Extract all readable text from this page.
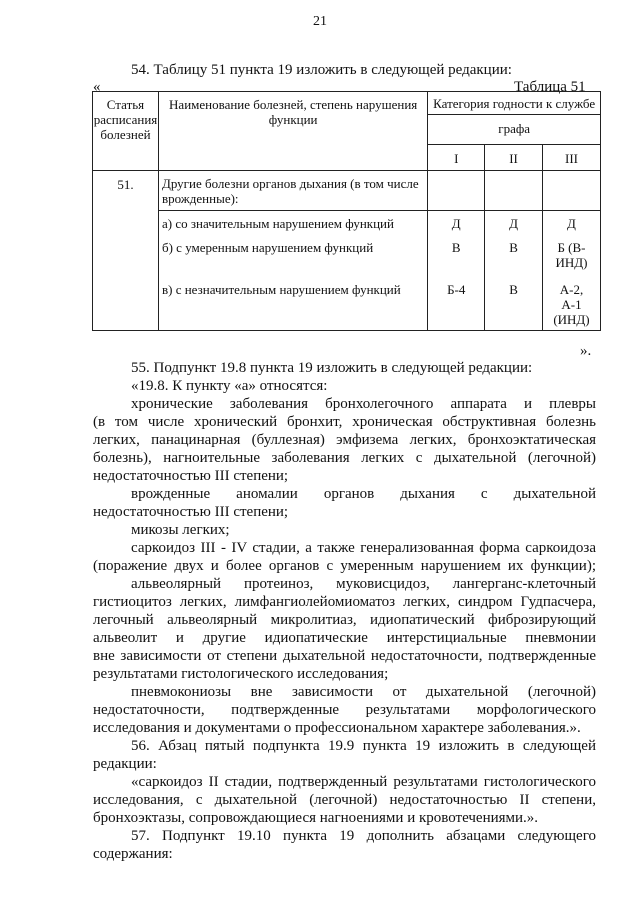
21
54. Таблицу 51 пункта 19 изложить в следующей редакции:
«	Таблица 51
Статья расписания болезней	Наименование болезней, степень нарушения функции	Категория годности к службе		
		графа		
		I	II	III
51.	Другие болезни органов дыхания (в том числе врожденные):			
	а) со значительным нарушением функций	Д	Д	Д
	б) с умеренным нарушением функций	В	В	Б (В-ИНД)
	в) с незначительным нарушением функций	Б-4	В	А-2, А-1 (ИНД)
».
55. Подпункт 19.8 пункта 19 изложить в следующей редакции:
«19.8. К пункту «а» относятся:
хронические заболевания бронхолегочного аппарата и плевры
(в том числе хронический бронхит, хроническая обструктивная болезнь
легких, панацинарная (буллезная) эмфизема легких, бронхоэктатическая
болезнь), нагноительные заболевания легких с дыхательной (легочной)
недостаточностью III степени;
врожденные аномалии органов дыхания с дыхательной
недостаточностью III степени;
микозы легких;
саркоидоз III - IV стадии, а также генерализованная форма саркоидоза
(поражение двух и более органов с умеренным нарушением их функции);
альвеолярный протеиноз, муковисцидоз, лангерганс-клеточный
гистиоцитоз легких, лимфангиолейомиоматоз легких, синдром Гудпасчера,
легочный альвеолярный микролитиаз, идиопатический фиброзирующий
альвеолит и другие идиопатические интерстициальные пневмонии
вне зависимости от степени дыхательной недостаточности, подтвержденные
результатами гистологического исследования;
пневмокониозы вне зависимости от дыхательной (легочной)
недостаточности, подтвержденные результатами морфологического
исследования и документами о профессиональном характере заболевания.».
56. Абзац пятый подпункта 19.9 пункта 19 изложить в следующей
редакции:
«саркоидоз II стадии, подтвержденный результатами гистологического
исследования, с дыхательной (легочной) недостаточностью II степени,
бронхоэктазы, сопровождающиеся нагноениями и кровотечениями.».
57. Подпункт 19.10 пункта 19 дополнить абзацами следующего
содержания:
